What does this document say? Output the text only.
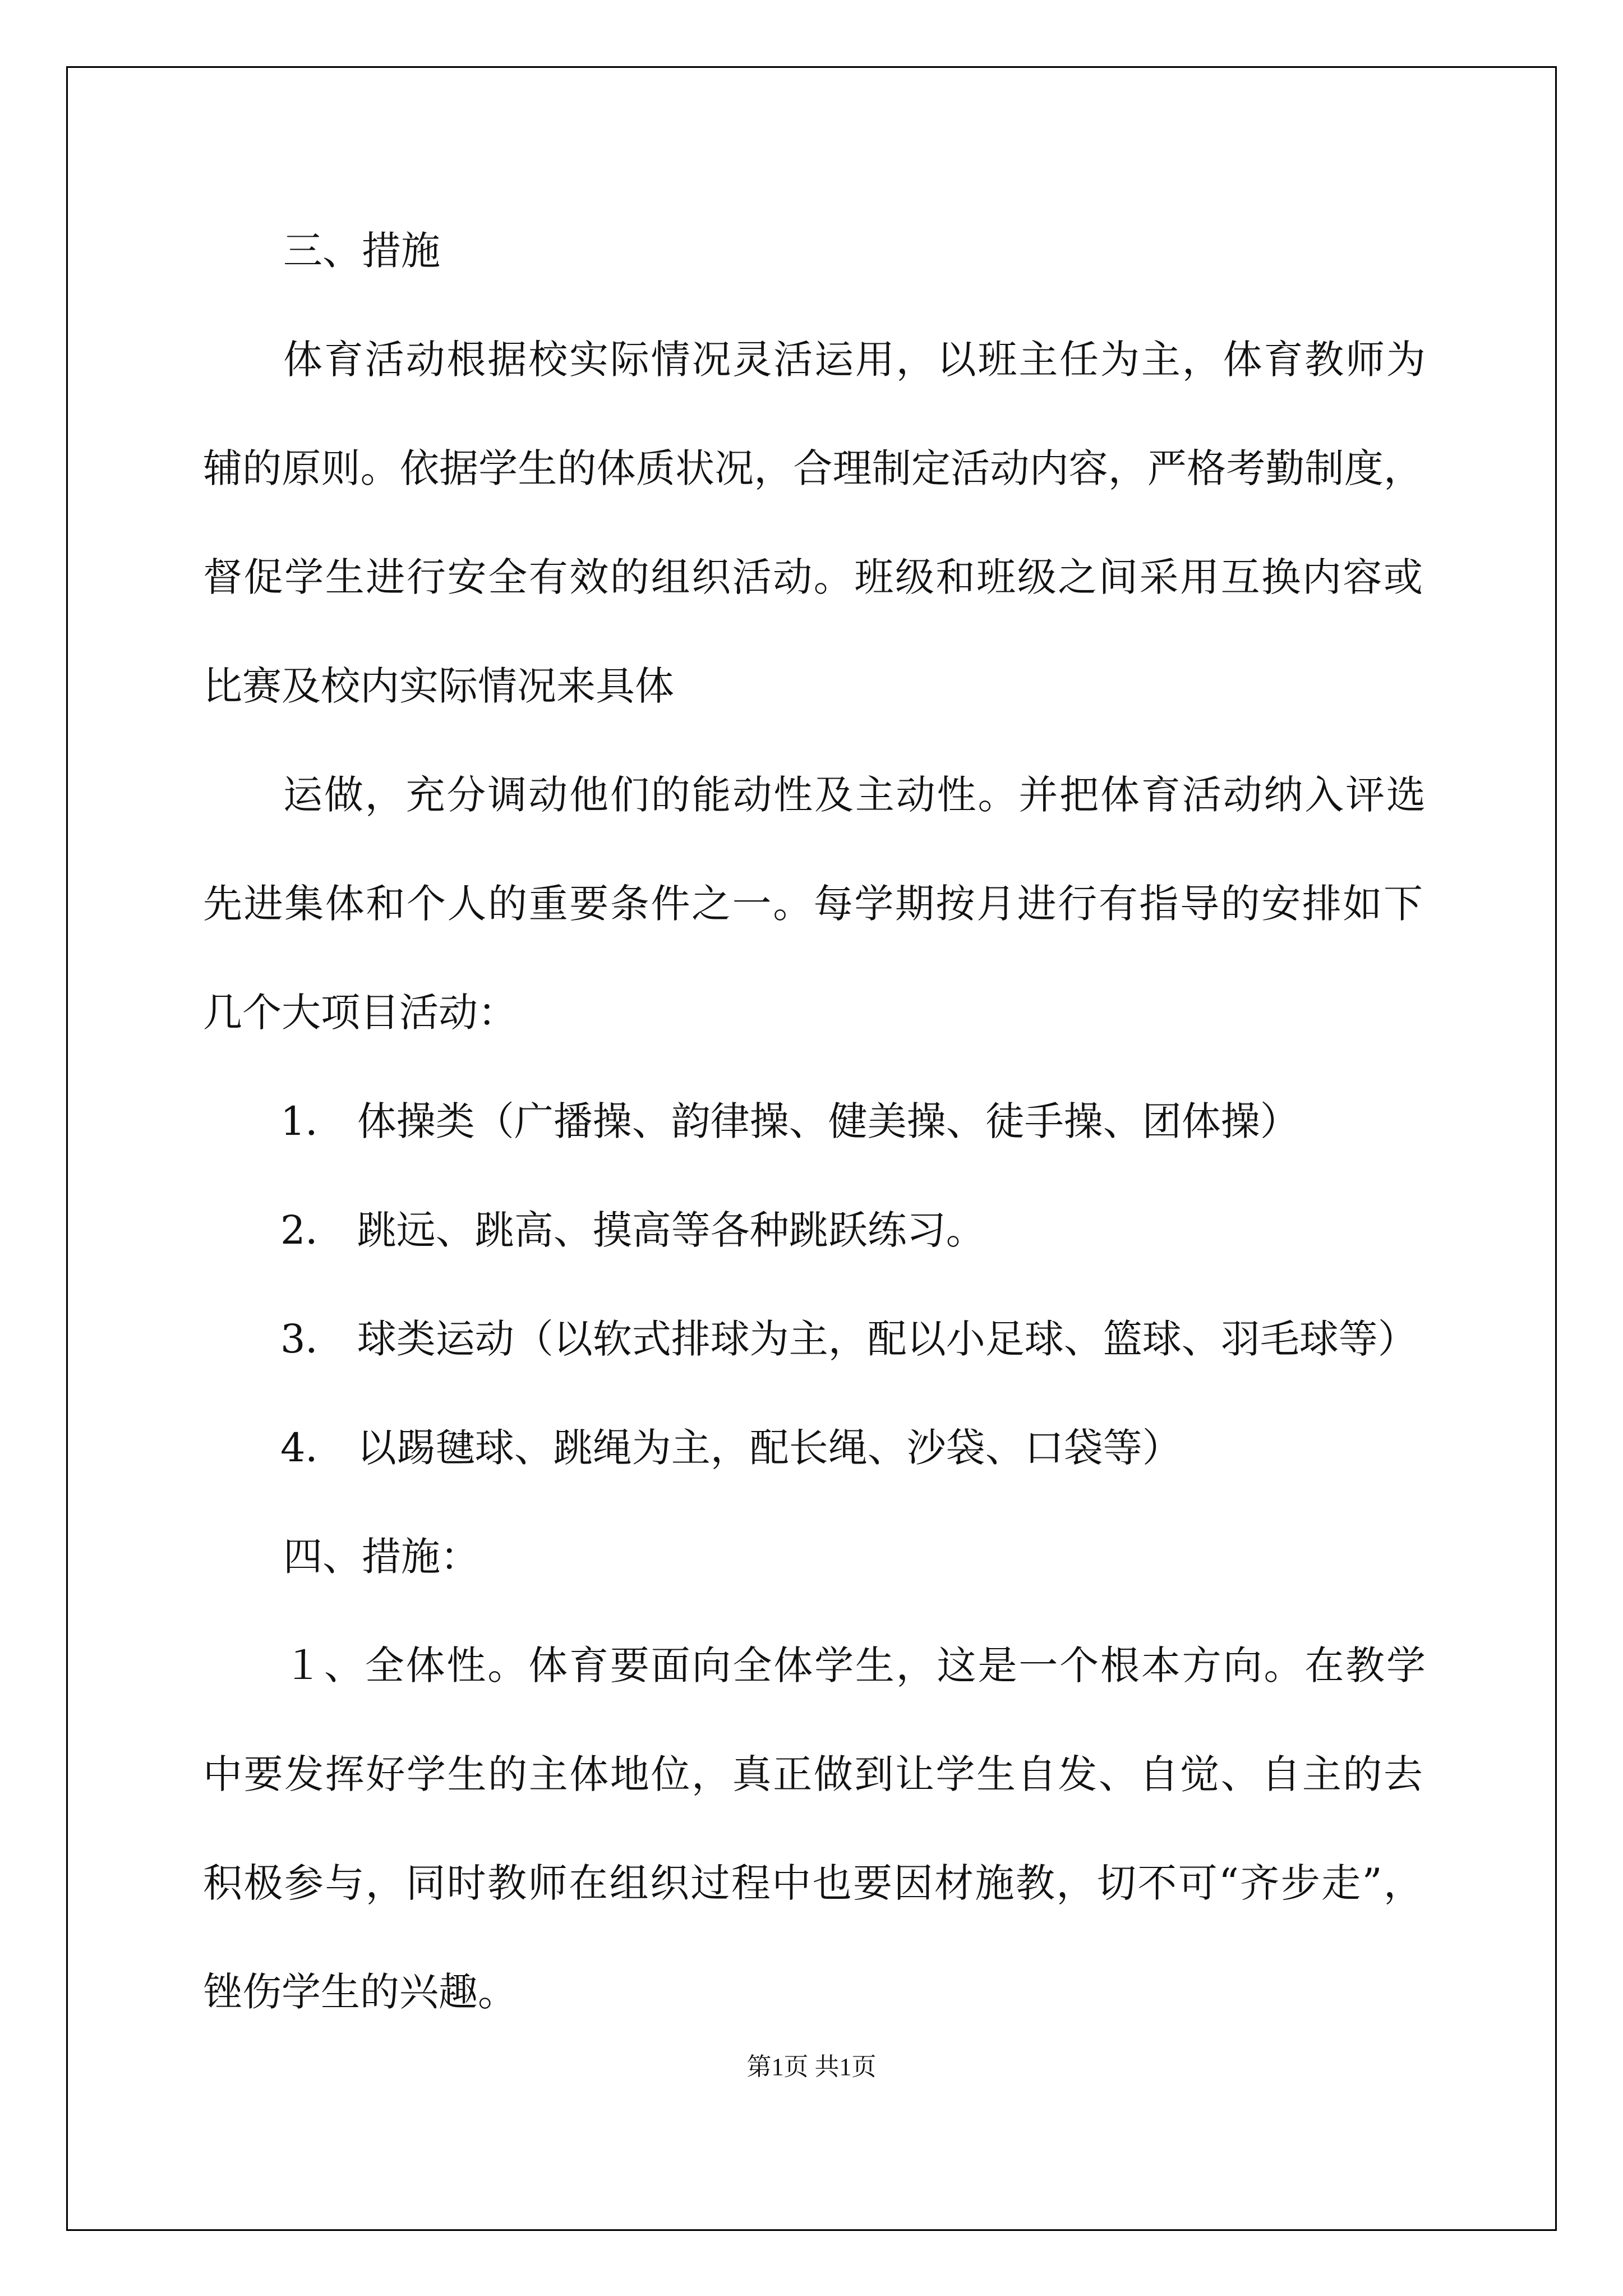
三、措施

体育活动根据校实际情况灵活运用，以班主任为主，体育教师为

辅的原则。依据学生的体质状况，合理制定活动内容，严格考勤制度，

督促学生进行安全有效的组织活动。班级和班级之间采用互换内容或

比赛及校内实际情况来具体

运做，充分调动他们的能动性及主动性。并把体育活动纳入评选

先进集体和个人的重要条件之一。每学期按月进行有指导的安排如下

几个大项目活动：

1． 体操类（广播操、韵律操、健美操、徒手操、团体操）

2． 跳远、跳高、摸高等各种跳跃练习。

3． 球类运动（以软式排球为主，配以小足球、篮球、羽毛球等）

4． 以踢毽球、跳绳为主，配长绳、沙袋、口袋等）

四、措施：

１、全体性。体育要面向全体学生，这是一个根本方向。在教学

中要发挥好学生的主体地位，真正做到让学生自发、自觉、自主的去

积极参与，同时教师在组织过程中也要因材施教，切不可“齐步走”，

锉伤学生的兴趣。

第1页 共1页
